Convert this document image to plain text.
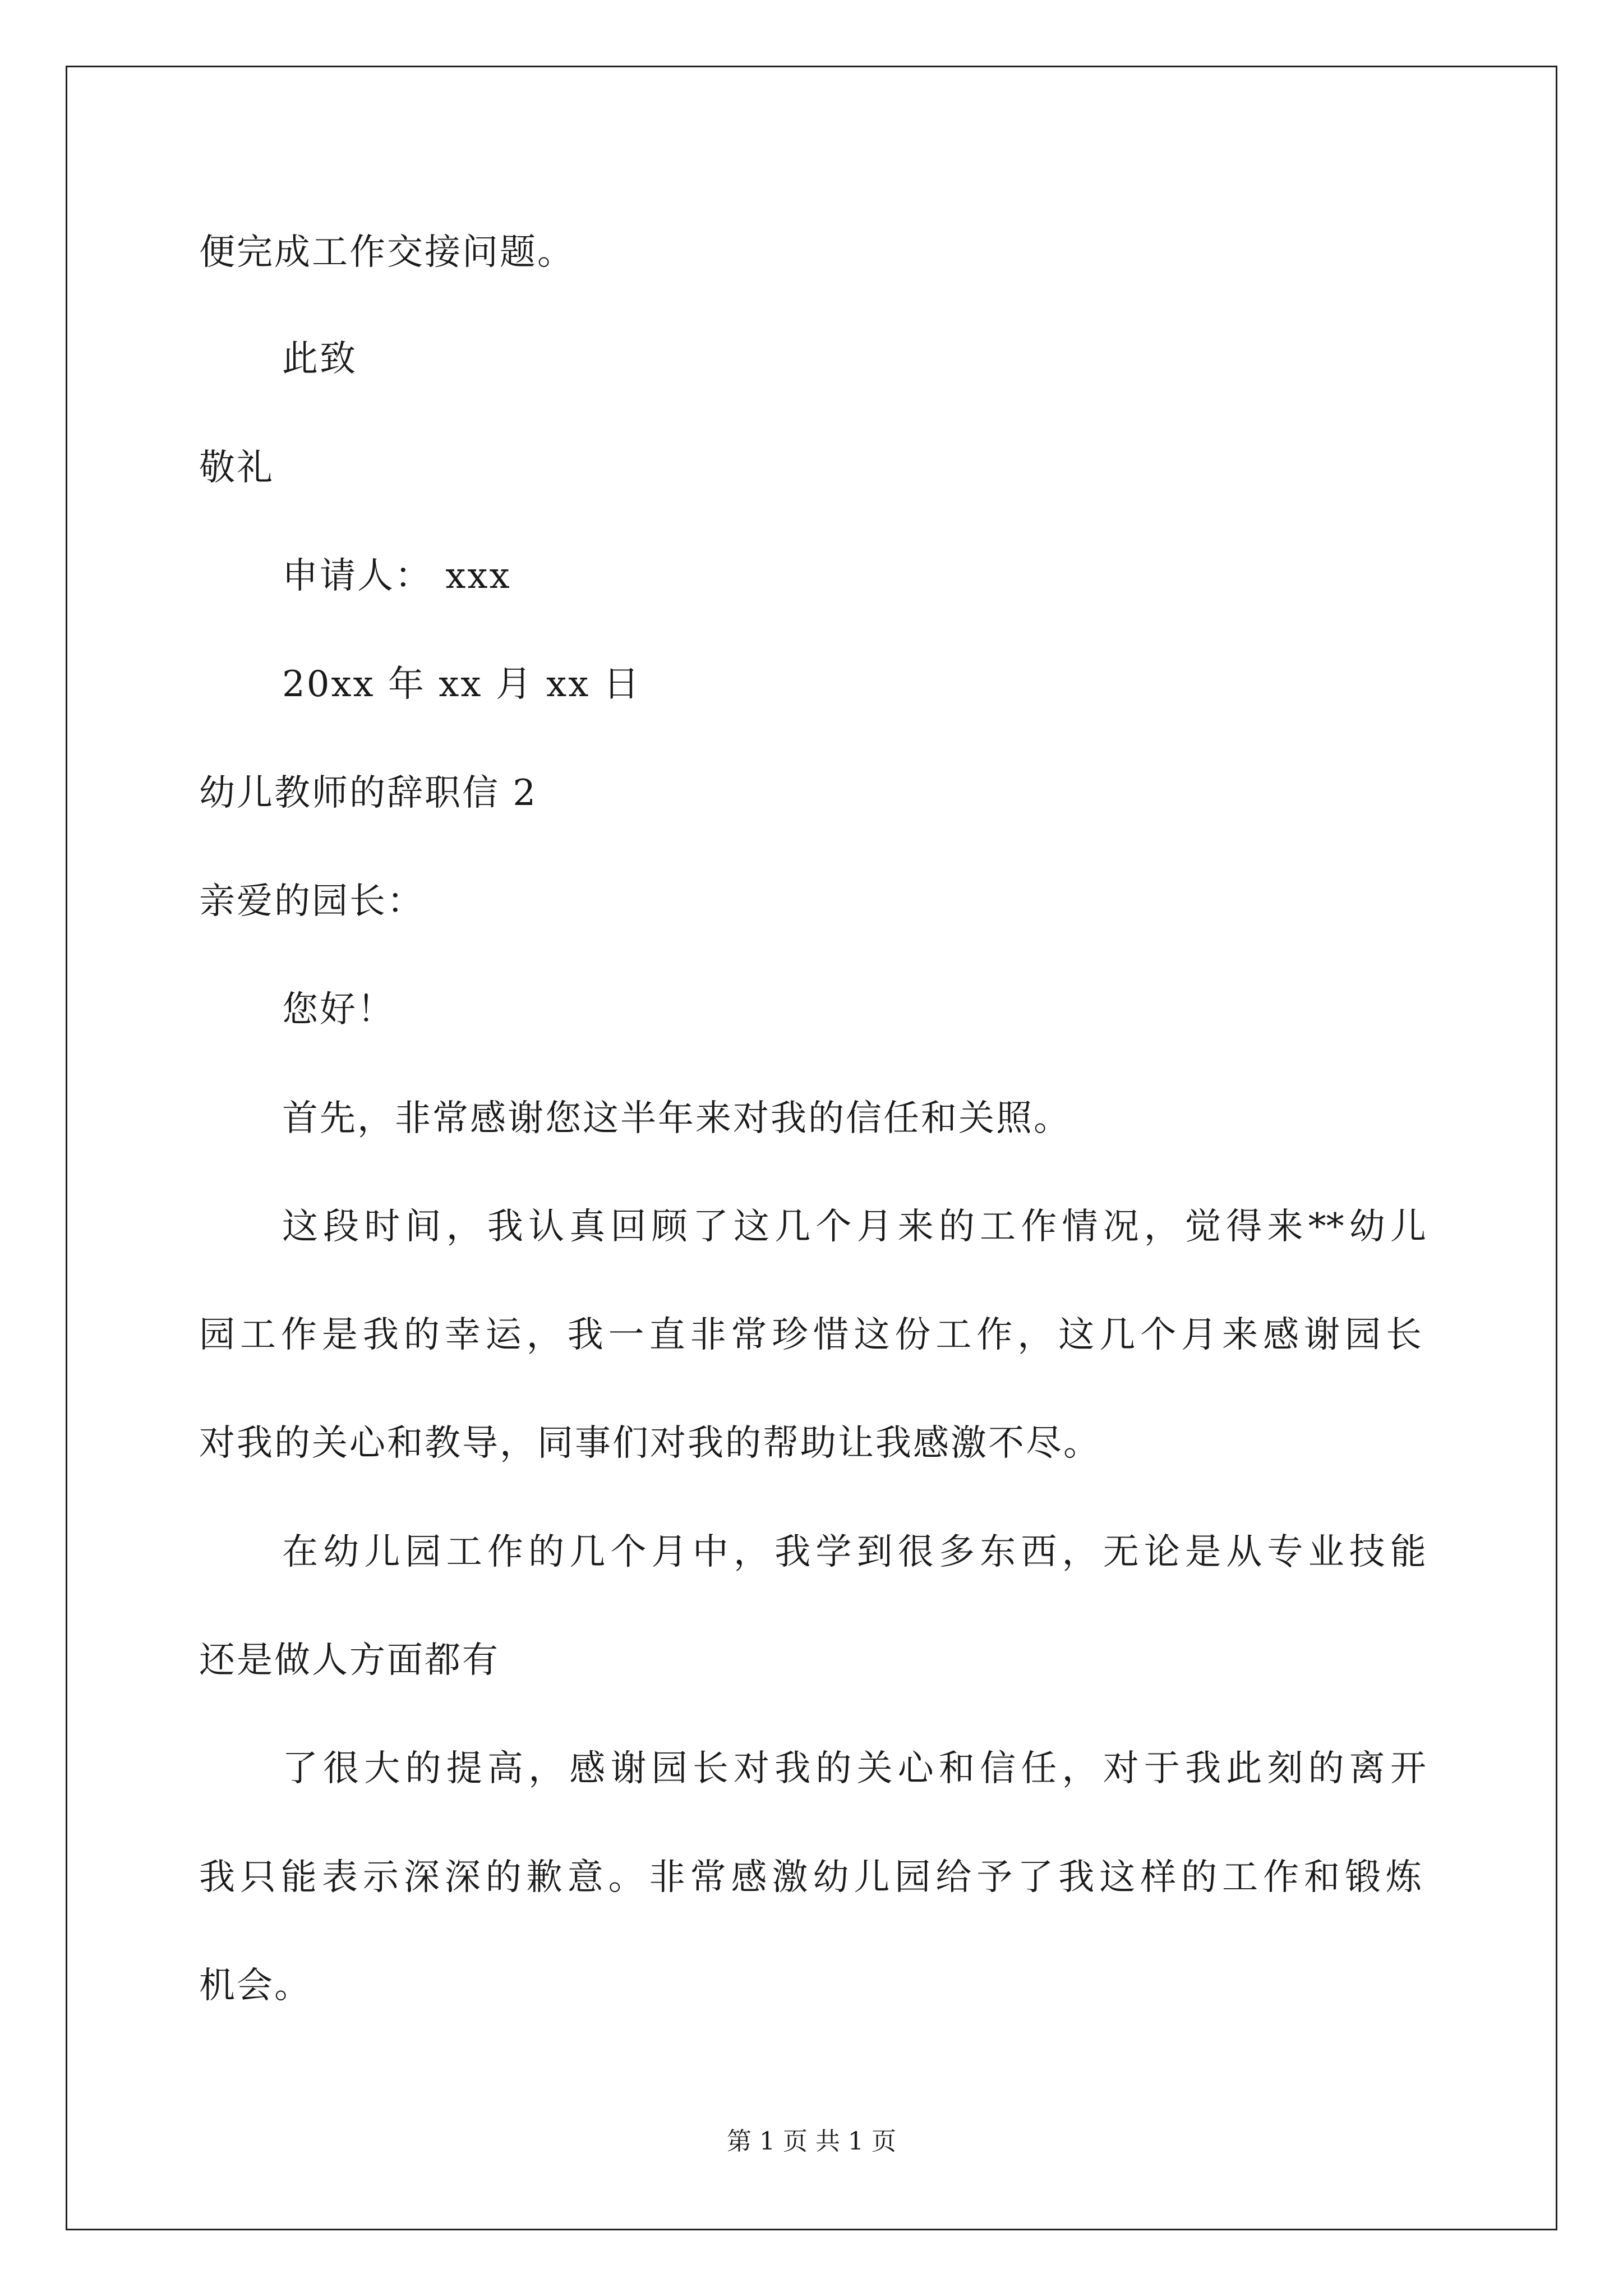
便完成工作交接问题。
此致
敬礼
申请人： xxx
20xx 年 xx 月 xx 日
幼儿教师的辞职信 2
亲爱的园长：
您好！
首先，非常感谢您这半年来对我的信任和关照。
这段时间，我认真回顾了这几个月来的工作情况，觉得来**幼儿
园工作是我的幸运，我一直非常珍惜这份工作，这几个月来感谢园长
对我的关心和教导，同事们对我的帮助让我感激不尽。
在幼儿园工作的几个月中，我学到很多东西，无论是从专业技能
还是做人方面都有
了很大的提高，感谢园长对我的关心和信任，对于我此刻的离开
我只能表示深深的歉意。非常感激幼儿园给予了我这样的工作和锻炼
机会。
第 1 页 共 1 页
